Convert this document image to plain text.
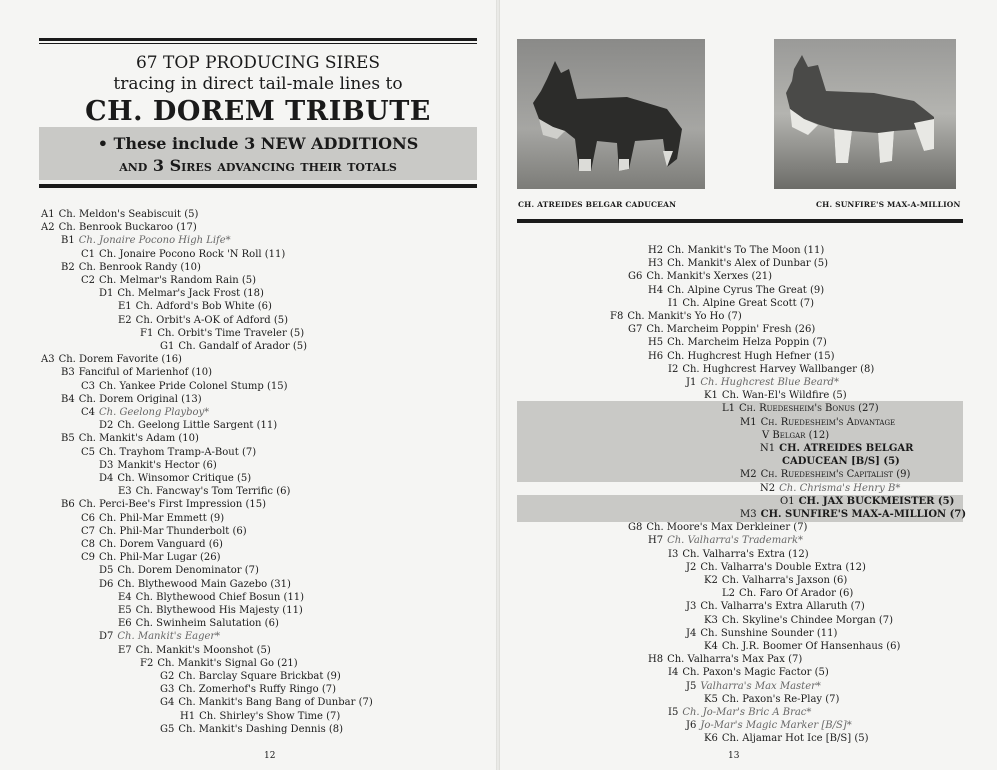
67 TOP PRODUCING SIRES
tracing in direct tail-male lines to
CH. DOREM TRIBUTE
• These include 3 NEW ADDITIONS
and 3 Sires advancing their totals
A1 Ch. Meldon's Seabiscuit (5)
A2 Ch. Benrook Buckaroo (17)
B1 Ch. Jonaire Pocono High Life*
C1 Ch. Jonaire Pocono Rock 'N Roll (11)
B2 Ch. Benrook Randy (10)
C2 Ch. Melmar's Random Rain (5)
D1 Ch. Melmar's Jack Frost (18)
E1 Ch. Adford's Bob White (6)
E2 Ch. Orbit's A-OK of Adford (5)
F1 Ch. Orbit's Time Traveler (5)
G1 Ch. Gandalf of Arador (5)
A3 Ch. Dorem Favorite (16)
B3 Fanciful of Marienhof (10)
C3 Ch. Yankee Pride Colonel Stump (15)
B4 Ch. Dorem Original (13)
C4 Ch. Geelong Playboy*
D2 Ch. Geelong Little Sargent (11)
B5 Ch. Mankit's Adam (10)
C5 Ch. Trayhom Tramp-A-Bout (7)
D3 Mankit's Hector (6)
D4 Ch. Winsomor Critique (5)
E3 Ch. Fancway's Tom Terrific (6)
B6 Ch. Perci-Bee's First Impression (15)
C6 Ch. Phil-Mar Emmett (9)
C7 Ch. Phil-Mar Thunderbolt (6)
C8 Ch. Dorem Vanguard (6)
C9 Ch. Phil-Mar Lugar (26)
D5 Ch. Dorem Denominator (7)
D6 Ch. Blythewood Main Gazebo (31)
E4 Ch. Blythewood Chief Bosun (11)
E5 Ch. Blythewood His Majesty (11)
E6 Ch. Swinheim Salutation (6)
D7 Ch. Mankit's Eager*
E7 Ch. Mankit's Moonshot (5)
F2 Ch. Mankit's Signal Go (21)
G2 Ch. Barclay Square Brickbat (9)
G3 Ch. Zomerhof's Ruffy Ringo (7)
G4 Ch. Mankit's Bang Bang of Dunbar (7)
H1 Ch. Shirley's Show Time (7)
G5 Ch. Mankit's Dashing Dennis (8)
12
CH. ATREIDES BELGAR CADUCEAN	CH. SUNFIRE'S MAX-A-MILLION
H2 Ch. Mankit's To The Moon (11)
H3 Ch. Mankit's Alex of Dunbar (5)
G6 Ch. Mankit's Xerxes (21)
H4 Ch. Alpine Cyrus The Great (9)
I1 Ch. Alpine Great Scott (7)
F8 Ch. Mankit's Yo Ho (7)
G7 Ch. Marcheim Poppin' Fresh (26)
H5 Ch. Marcheim Helza Poppin (7)
H6 Ch. Hughcrest Hugh Hefner (15)
I2 Ch. Hughcrest Harvey Wallbanger (8)
J1 Ch. Hughcrest Blue Beard*
K1 Ch. Wan-El's Wildfire (5)
L1 Ch. Ruedesheim's Bonus (27)
M1 Ch. Ruedesheim's Advantage
V Belgar (12)
N1 CH. ATREIDES BELGAR
CADUCEAN [B/S] (5)
M2 Ch. Ruedesheim's Capitalist (9)
N2 Ch. Chrisma's Henry B*
O1 CH. JAX BUCKMEISTER (5)
M3 CH. SUNFIRE'S MAX-A-MILLION (7)
G8 Ch. Moore's Max Derkleiner (7)
H7 Ch. Valharra's Trademark*
I3 Ch. Valharra's Extra (12)
J2 Ch. Valharra's Double Extra (12)
K2 Ch. Valharra's Jaxson (6)
L2 Ch. Faro Of Arador (6)
J3 Ch. Valharra's Extra Allaruth (7)
K3 Ch. Skyline's Chindee Morgan (7)
J4 Ch. Sunshine Sounder (11)
K4 Ch. J.R. Boomer Of Hansenhaus (6)
H8 Ch. Valharra's Max Pax (7)
I4 Ch. Paxon's Magic Factor (5)
J5 Valharra's Max Master*
K5 Ch. Paxon's Re-Play (7)
I5 Ch. Jo-Mar's Bric A Brac*
J6 Jo-Mar's Magic Marker [B/S]*
K6 Ch. Aljamar Hot Ice [B/S] (5)
13
